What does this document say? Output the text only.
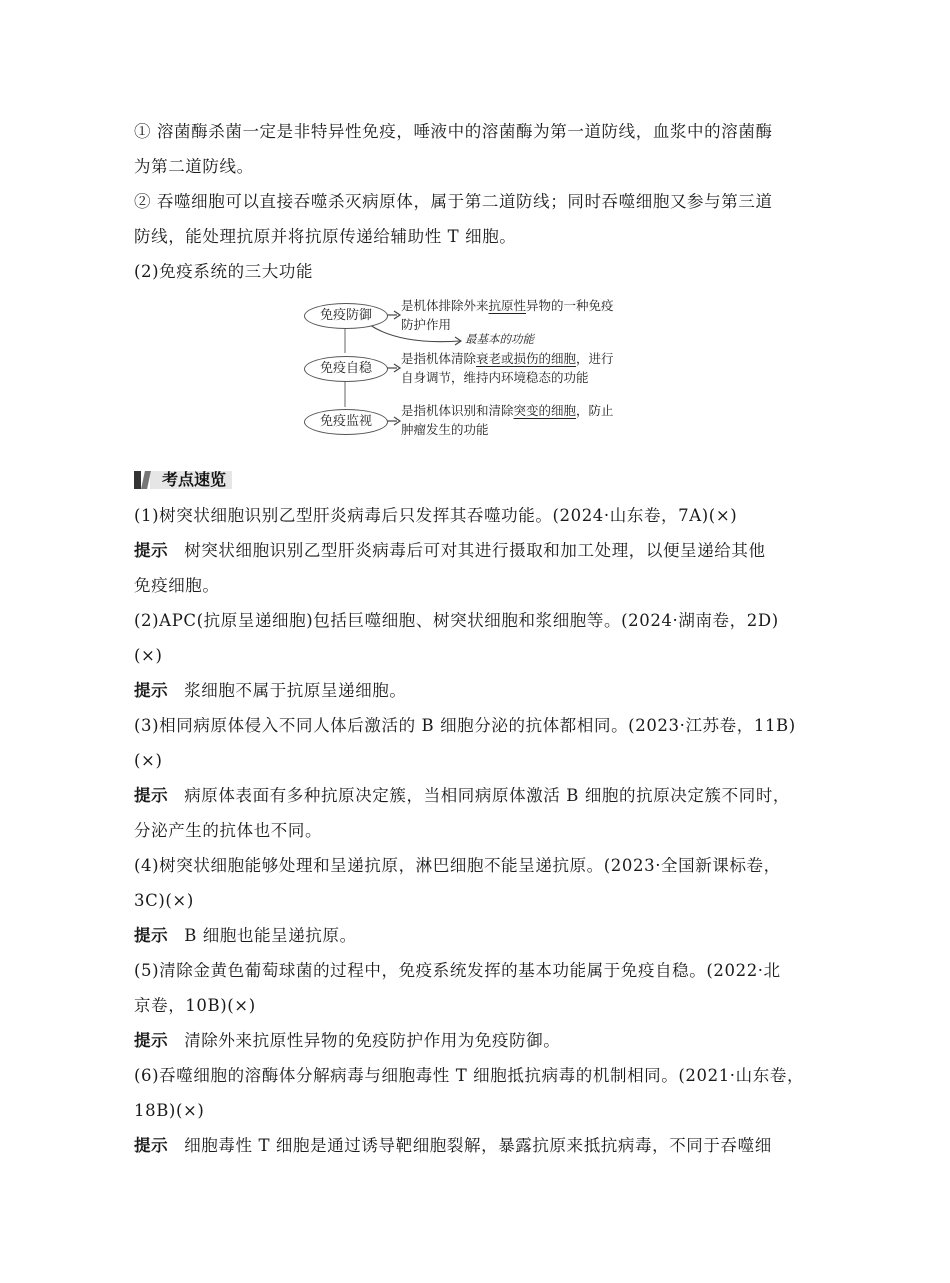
① 溶菌酶杀菌一定是非特异性免疫，唾液中的溶菌酶为第一道防线，血浆中的溶菌酶
为第二道防线。
② 吞噬细胞可以直接吞噬杀灭病原体，属于第二道防线；同时吞噬细胞又参与第三道
防线，能处理抗原并将抗原传递给辅助性 T 细胞。
(2)免疫系统的三大功能
免疫防御
是机体排除外来抗原性异物的一种免疫
防护作用
最基本的功能
免疫自稳
是指机体清除衰老或损伤的细胞，进行
自身调节，维持内环境稳态的功能
免疫监视
是指机体识别和清除突变的细胞，防止
肿瘤发生的功能
考点速览
(1)树突状细胞识别乙型肝炎病毒后只发挥其吞噬功能。(2024·山东卷，7A)(×)
提示 树突状细胞识别乙型肝炎病毒后可对其进行摄取和加工处理，以便呈递给其他
免疫细胞。
(2)APC(抗原呈递细胞)包括巨噬细胞、树突状细胞和浆细胞等。(2024·湖南卷，2D)
(×)
提示 浆细胞不属于抗原呈递细胞。
(3)相同病原体侵入不同人体后激活的 B 细胞分泌的抗体都相同。(2023·江苏卷，11B)
(×)
提示 病原体表面有多种抗原决定簇，当相同病原体激活 B 细胞的抗原决定簇不同时，
分泌产生的抗体也不同。
(4)树突状细胞能够处理和呈递抗原，淋巴细胞不能呈递抗原。(2023·全国新课标卷，
3C)(×)
提示 B 细胞也能呈递抗原。
(5)清除金黄色葡萄球菌的过程中，免疫系统发挥的基本功能属于免疫自稳。(2022·北
京卷，10B)(×)
提示 清除外来抗原性异物的免疫防护作用为免疫防御。
(6)吞噬细胞的溶酶体分解病毒与细胞毒性 T 细胞抵抗病毒的机制相同。(2021·山东卷，
18B)(×)
提示 细胞毒性 T 细胞是通过诱导靶细胞裂解，暴露抗原来抵抗病毒，不同于吞噬细
